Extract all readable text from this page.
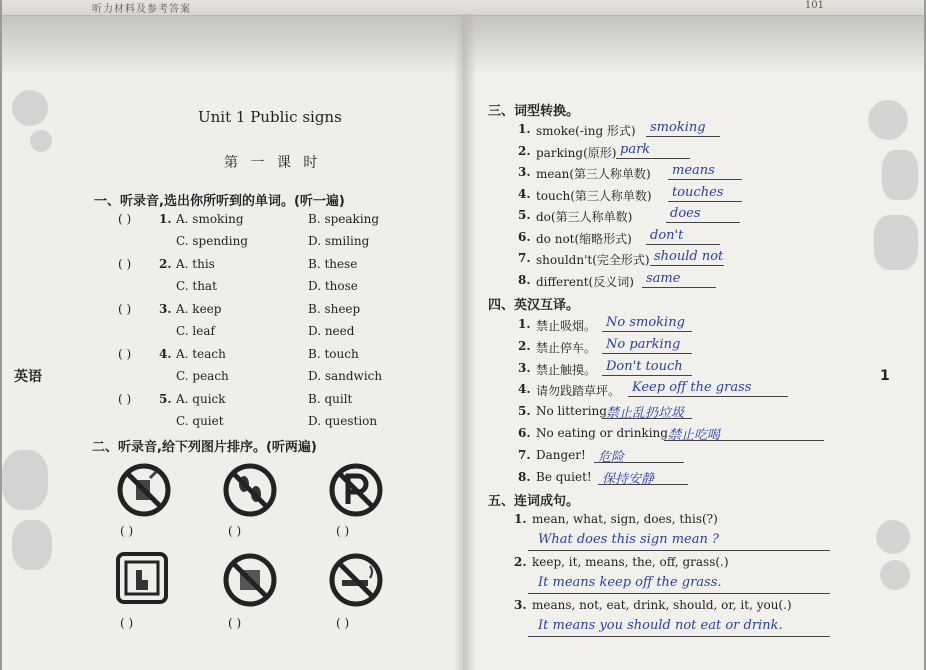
听力材料及参考答案	101
Unit 1 Public signs
第 一 课 时
英语
一、听录音,选出你所听到的单词。(听一遍)
二、听录音,给下列图片排序。(听两遍)
( )	( )	( )
( )	( )	( )
1
三、词型转换。
四、英汉互译。
五、连词成句。
( ) 1. A. smoking	B. speaking
C. spending	D. smiling
( ) 2. A. this	B. these
C. that	D. those
( ) 3. A. keep	B. sheep
C. leaf	D. need
( ) 4. A. teach	B. touch
C. peach	D. sandwich
( ) 5. A. quick	B. quilt
C. quiet	D. question
1. smoke(-ing 形式) smoking
2. parking(原形) park
3. mean(第三人称单数) means
4. touch(第三人称单数) touches
5. do(第三人称单数)	does
6. do not(缩略形式) don't
7. shouldn't(完全形式) should not
8. different(反义词) same
1. 禁止吸烟。 No smoking
2. 禁止停车。 No parking
3. 禁止触摸。 Don't touch
4. 请勿践踏草坪。 Keep off the grass
5. No littering.
禁止乱扔垃圾
6. No eating or drinking.
禁止吃喝
7. Danger! 危险
8. Be quiet! 保持安静
1. mean, what, sign, does, this(?)
What does this sign mean ?
2. keep, it, means, the, off, grass(.)
It means keep off the grass.
3. means, not, eat, drink, should, or, it, you(.)
It means you should not eat or drink.
